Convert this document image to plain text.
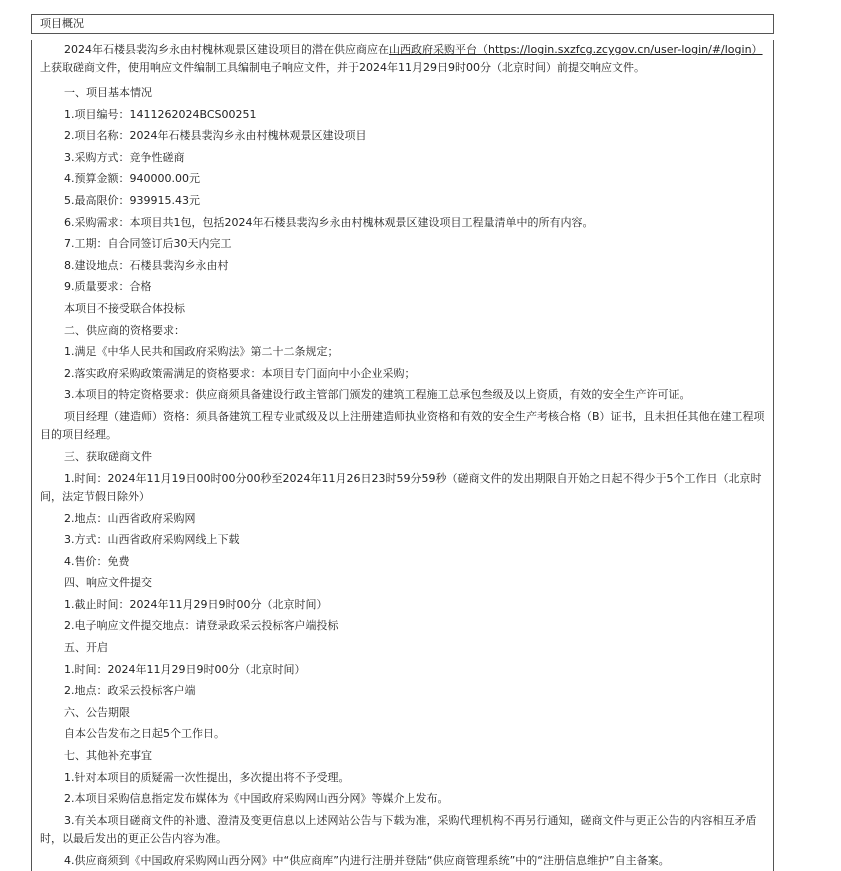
项目概况
2024年石楼县裴沟乡永由村槐林观景区建设项目的潜在供应商应在山西政府采购平台（https://login.sxzfcg.zcygov.cn/user-login/#/login）上获取磋商文件，使用响应文件编制工具编制电子响应文件，并于2024年11月29日9时00分（北京时间）前提交响应文件。
一、项目基本情况
1.项目编号：1411262024BCS00251
2.项目名称：2024年石楼县裴沟乡永由村槐林观景区建设项目
3.采购方式：竞争性磋商
4.预算金额：940000.00元
5.最高限价：939915.43元
6.采购需求：本项目共1包，包括2024年石楼县裴沟乡永由村槐林观景区建设项目工程量清单中的所有内容。
7.工期：自合同签订后30天内完工
8.建设地点：石楼县裴沟乡永由村
9.质量要求：合格
本项目不接受联合体投标
二、供应商的资格要求：
1.满足《中华人民共和国政府采购法》第二十二条规定；
2.落实政府采购政策需满足的资格要求：本项目专门面向中小企业采购；
3.本项目的特定资格要求：供应商须具备建设行政主管部门颁发的建筑工程施工总承包叁级及以上资质，有效的安全生产许可证。
项目经理（建造师）资格：须具备建筑工程专业贰级及以上注册建造师执业资格和有效的安全生产考核合格（B）证书，且未担任其他在建工程项目的项目经理。
三、获取磋商文件
1.时间：2024年11月19日00时00分00秒至2024年11月26日23时59分59秒（磋商文件的发出期限自开始之日起不得少于5个工作日（北京时间，法定节假日除外）
2.地点：山西省政府采购网
3.方式：山西省政府采购网线上下载
4.售价：免费
四、响应文件提交
1.截止时间：2024年11月29日9时00分（北京时间）
2.电子响应文件提交地点：请登录政采云投标客户端投标
五、开启
1.时间：2024年11月29日9时00分（北京时间）
2.地点：政采云投标客户端
六、公告期限
自本公告发布之日起5个工作日。
七、其他补充事宜
1.针对本项目的质疑需一次性提出，多次提出将不予受理。
2.本项目采购信息指定发布媒体为《中国政府采购网山西分网》等媒介上发布。
3.有关本项目磋商文件的补遗、澄清及变更信息以上述网站公告与下载为准，采购代理机构不再另行通知，磋商文件与更正公告的内容相互矛盾时，以最后发出的更正公告内容为准。
4.供应商须到《中国政府采购网山西分网》中“供应商库”内进行注册并登陆“供应商管理系统”中的“注册信息维护”自主备案。
